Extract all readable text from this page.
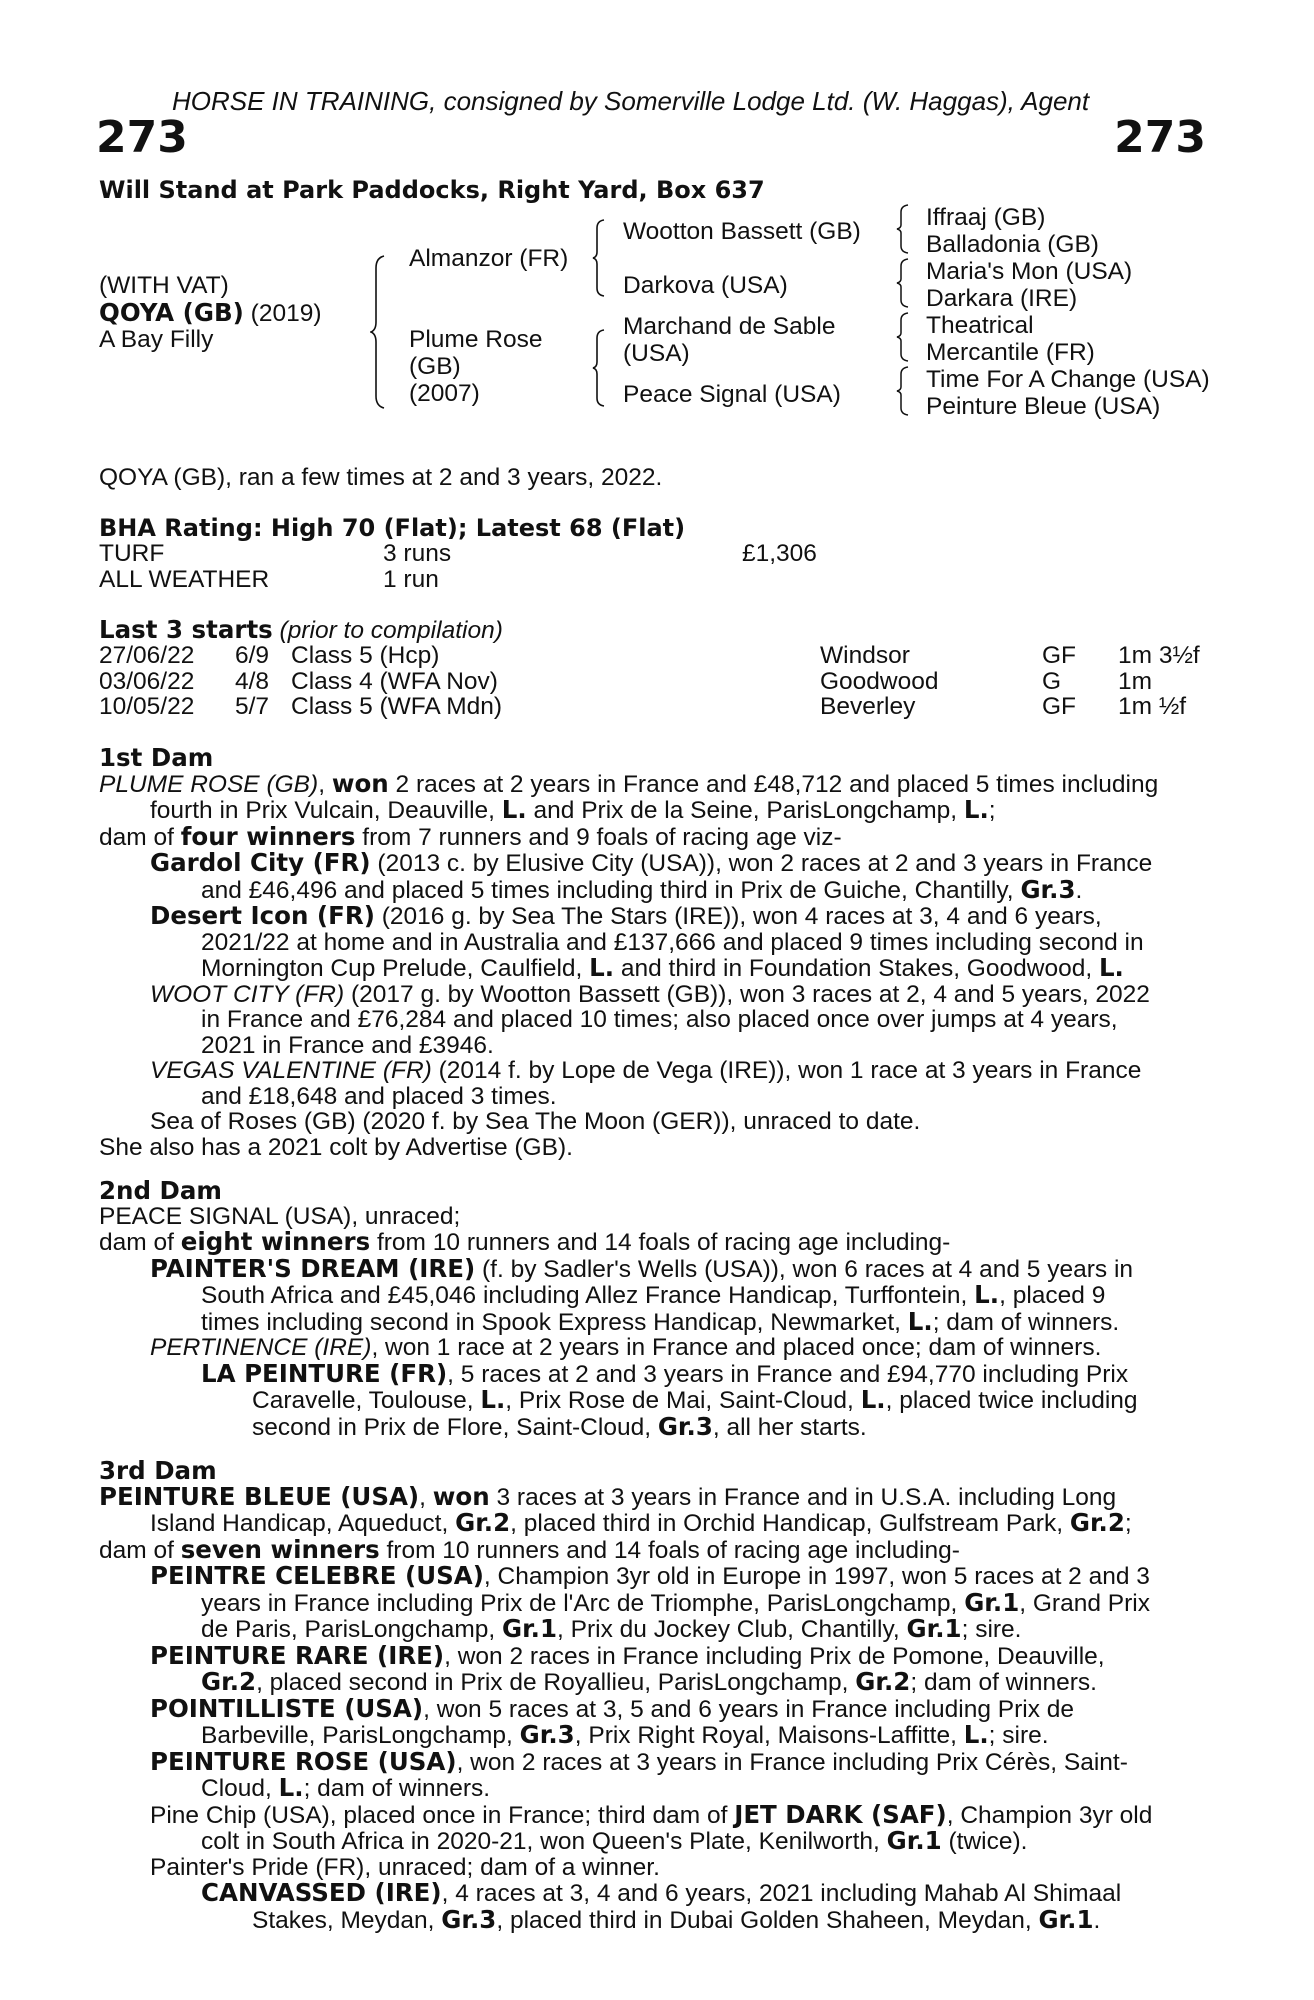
HORSE IN TRAINING, consigned by Somerville Lodge Ltd. (W. Haggas), Agent
273	273
Will Stand at Park Paddocks, Right Yard, Box 637
(WITH VAT)
QOYA (GB) (2019)
A Bay Filly
Almanzor (FR)
Plume Rose
(GB)
(2007)
Wootton Bassett (GB)
Darkova (USA)
Marchand de Sable
(USA)
Peace Signal (USA)
Iffraaj (GB)
Balladonia (GB)
Maria's Mon (USA)
Darkara (IRE)
Theatrical
Mercantile (FR)
Time For A Change (USA)
Peinture Bleue (USA)
QOYA (GB), ran a few times at 2 and 3 years, 2022.
BHA Rating: High 70 (Flat); Latest 68 (Flat)
TURF	3 runs	£1,306
ALL WEATHER	1 run
Last 3 starts (prior to compilation)
27/06/22 6/9 Class 5 (Hcp)	Windsor	GF 1m 3½f
03/06/22 4/8 Class 4 (WFA Nov)	Goodwood	G 1m
10/05/22 5/7 Class 5 (WFA Mdn)	Beverley	GF 1m ½f
1st Dam
PLUME ROSE (GB), won 2 races at 2 years in France and £48,712 and placed 5 times including
fourth in Prix Vulcain, Deauville, L. and Prix de la Seine, ParisLongchamp, L.;
dam of four winners from 7 runners and 9 foals of racing age viz-
Gardol City (FR) (2013 c. by Elusive City (USA)), won 2 races at 2 and 3 years in France
and £46,496 and placed 5 times including third in Prix de Guiche, Chantilly, Gr.3.
Desert Icon (FR) (2016 g. by Sea The Stars (IRE)), won 4 races at 3, 4 and 6 years,
2021/22 at home and in Australia and £137,666 and placed 9 times including second in
Mornington Cup Prelude, Caulfield, L. and third in Foundation Stakes, Goodwood, L.
WOOT CITY (FR) (2017 g. by Wootton Bassett (GB)), won 3 races at 2, 4 and 5 years, 2022
in France and £76,284 and placed 10 times; also placed once over jumps at 4 years,
2021 in France and £3946.
VEGAS VALENTINE (FR) (2014 f. by Lope de Vega (IRE)), won 1 race at 3 years in France
and £18,648 and placed 3 times.
Sea of Roses (GB) (2020 f. by Sea The Moon (GER)), unraced to date.
She also has a 2021 colt by Advertise (GB).
2nd Dam
PEACE SIGNAL (USA), unraced;
dam of eight winners from 10 runners and 14 foals of racing age including-
PAINTER'S DREAM (IRE) (f. by Sadler's Wells (USA)), won 6 races at 4 and 5 years in
South Africa and £45,046 including Allez France Handicap, Turffontein, L., placed 9
times including second in Spook Express Handicap, Newmarket, L.; dam of winners.
PERTINENCE (IRE), won 1 race at 2 years in France and placed once; dam of winners.
LA PEINTURE (FR), 5 races at 2 and 3 years in France and £94,770 including Prix
Caravelle, Toulouse, L., Prix Rose de Mai, Saint-Cloud, L., placed twice including
second in Prix de Flore, Saint-Cloud, Gr.3, all her starts.
3rd Dam
PEINTURE BLEUE (USA), won 3 races at 3 years in France and in U.S.A. including Long
Island Handicap, Aqueduct, Gr.2, placed third in Orchid Handicap, Gulfstream Park, Gr.2;
dam of seven winners from 10 runners and 14 foals of racing age including-
PEINTRE CELEBRE (USA), Champion 3yr old in Europe in 1997, won 5 races at 2 and 3
years in France including Prix de l'Arc de Triomphe, ParisLongchamp, Gr.1, Grand Prix
de Paris, ParisLongchamp, Gr.1, Prix du Jockey Club, Chantilly, Gr.1; sire.
PEINTURE RARE (IRE), won 2 races in France including Prix de Pomone, Deauville,
Gr.2, placed second in Prix de Royallieu, ParisLongchamp, Gr.2; dam of winners.
POINTILLISTE (USA), won 5 races at 3, 5 and 6 years in France including Prix de
Barbeville, ParisLongchamp, Gr.3, Prix Right Royal, Maisons-Laffitte, L.; sire.
PEINTURE ROSE (USA), won 2 races at 3 years in France including Prix Cérès, Saint-
Cloud, L.; dam of winners.
Pine Chip (USA), placed once in France; third dam of JET DARK (SAF), Champion 3yr old
colt in South Africa in 2020-21, won Queen's Plate, Kenilworth, Gr.1 (twice).
Painter's Pride (FR), unraced; dam of a winner.
CANVASSED (IRE), 4 races at 3, 4 and 6 years, 2021 including Mahab Al Shimaal
Stakes, Meydan, Gr.3, placed third in Dubai Golden Shaheen, Meydan, Gr.1.
